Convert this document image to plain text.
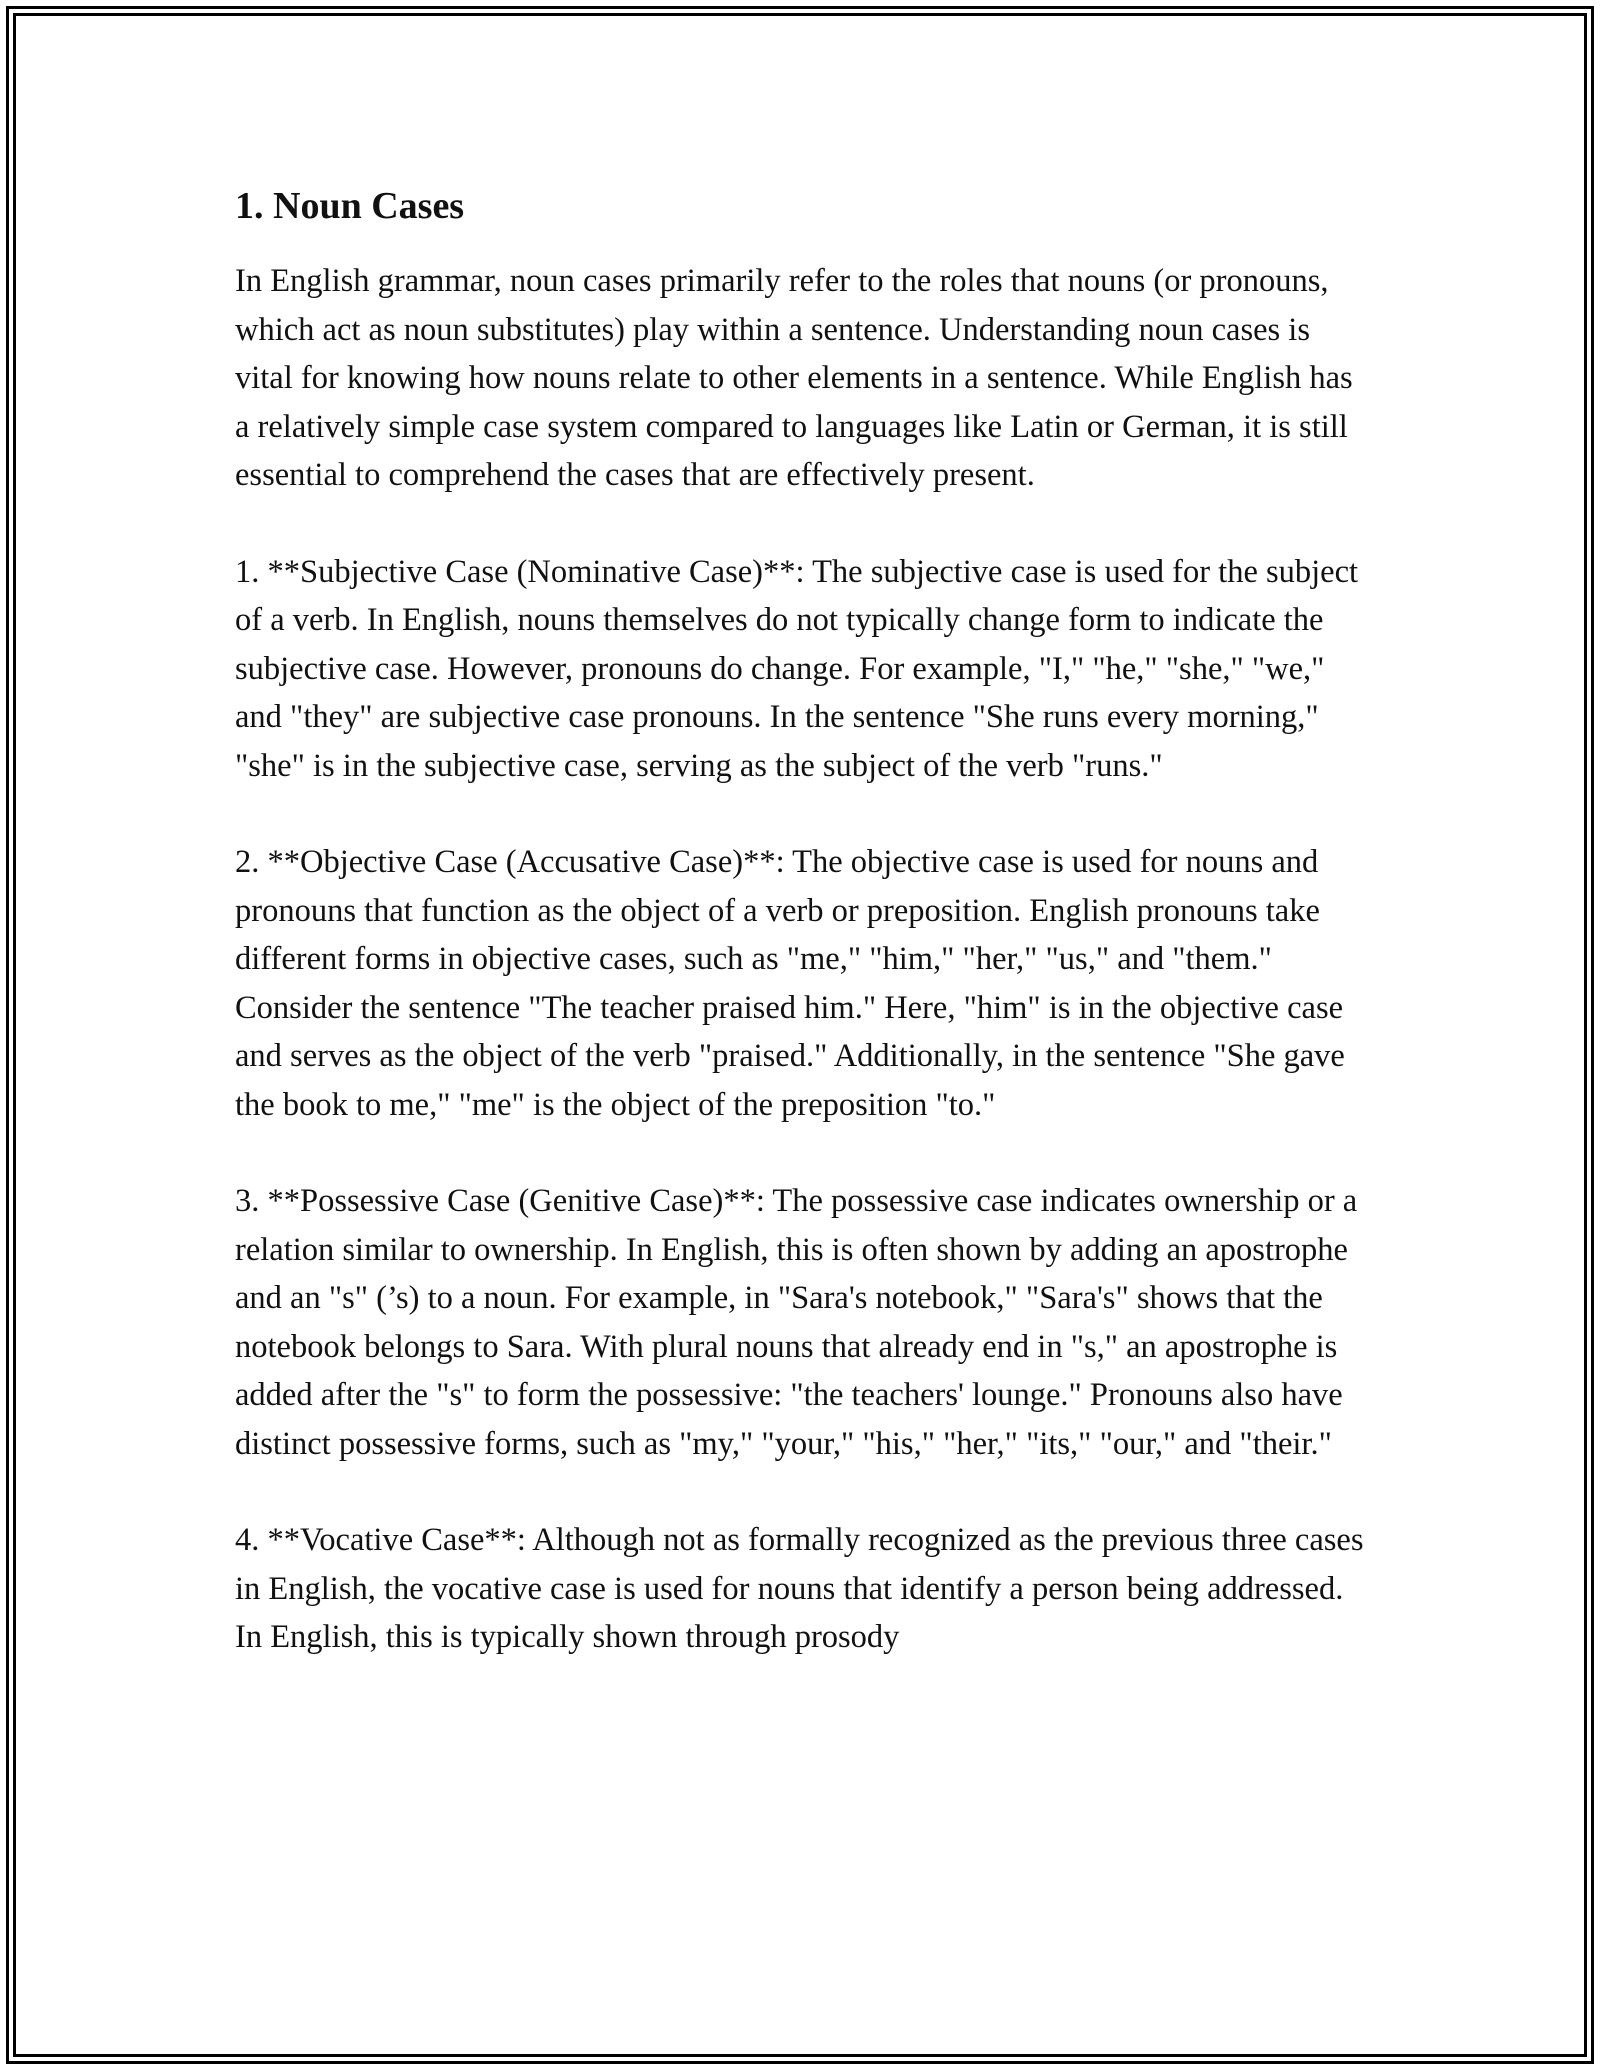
1. Noun Cases

In English grammar, noun cases primarily refer to the roles that nouns (or pronouns, which act as noun substitutes) play within a sentence. Understanding noun cases is vital for knowing how nouns relate to other elements in a sentence. While English has a relatively simple case system compared to languages like Latin or German, it is still essential to comprehend the cases that are effectively present.

1. **Subjective Case (Nominative Case)**: The subjective case is used for the subject of a verb. In English, nouns themselves do not typically change form to indicate the subjective case. However, pronouns do change. For example, "I," "he," "she," "we," and "they" are subjective case pronouns. In the sentence "She runs every morning," "she" is in the subjective case, serving as the subject of the verb "runs."

2. **Objective Case (Accusative Case)**: The objective case is used for nouns and pronouns that function as the object of a verb or preposition. English pronouns take different forms in objective cases, such as "me," "him," "her," "us," and "them." Consider the sentence "The teacher praised him." Here, "him" is in the objective case and serves as the object of the verb "praised." Additionally, in the sentence "She gave the book to me," "me" is the object of the preposition "to."

3. **Possessive Case (Genitive Case)**: The possessive case indicates ownership or a relation similar to ownership. In English, this is often shown by adding an apostrophe and an "s" (’s) to a noun. For example, in "Sara's notebook," "Sara's" shows that the notebook belongs to Sara. With plural nouns that already end in "s," an apostrophe is added after the "s" to form the possessive: "the teachers' lounge." Pronouns also have distinct possessive forms, such as "my," "your," "his," "her," "its," "our," and "their."

4. **Vocative Case**: Although not as formally recognized as the previous three cases in English, the vocative case is used for nouns that identify a person being addressed. In English, this is typically shown through prosody
